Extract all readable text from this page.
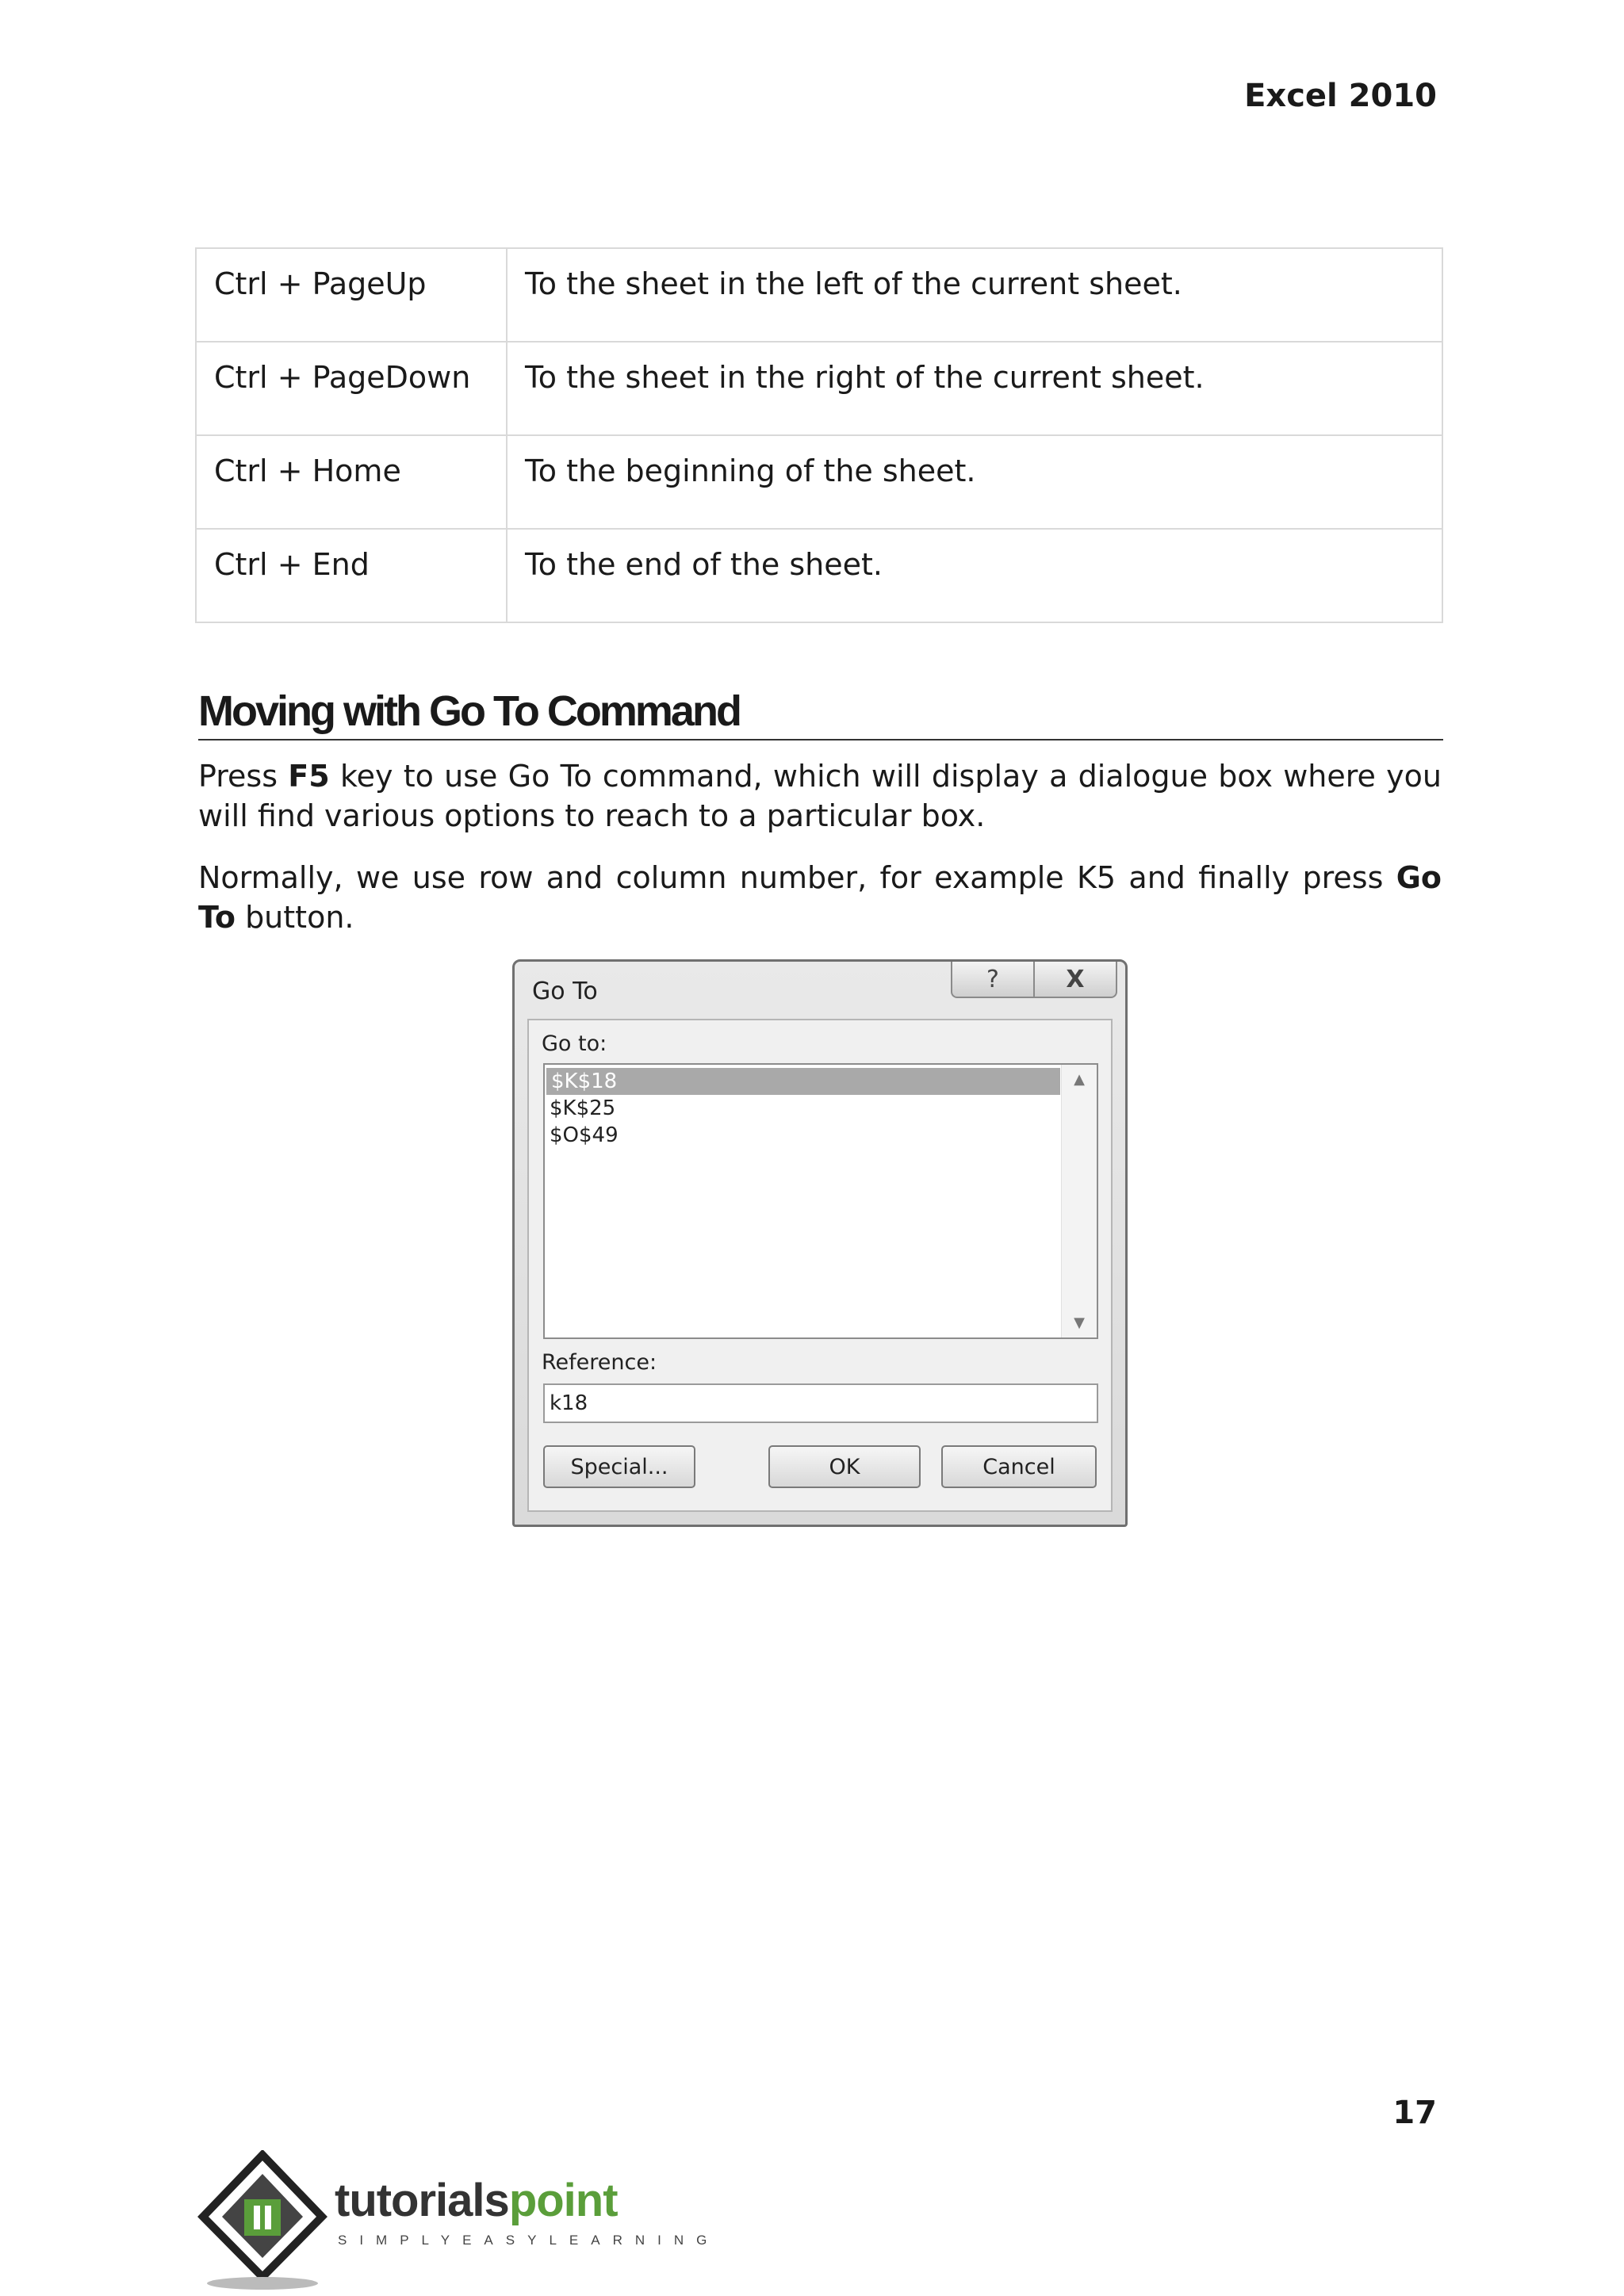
Excel 2010
Ctrl + PageUp	To the sheet in the left of the current sheet.
Ctrl + PageDown	To the sheet in the right of the current sheet.
Ctrl + Home	To the beginning of the sheet.
Ctrl + End	To the end of the sheet.
Moving with Go To Command

Press F5 key to use Go To command, which will display a dialogue box where you will find various options to reach to a particular box.

Normally, we use row and column number, for example K5 and finally press Go To button.

Go To	?	X
Go to:
$K$18
$K$25
$O$49
▲
▼
Reference:
k18
Special...	OK	Cancel
17
tutorialspoint
SIMPLYEASYLEARNING
